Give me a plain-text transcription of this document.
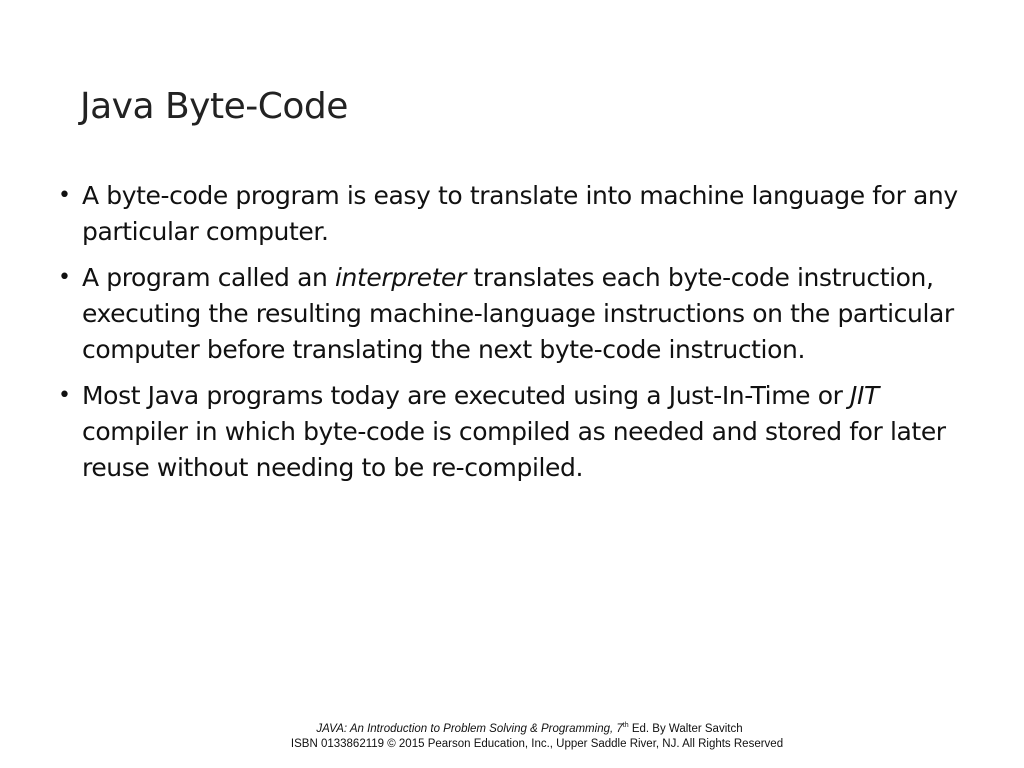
Java Byte-Code
• A byte-code program is easy to translate into machine language for any particular computer.
• A program called an interpreter translates each byte-code instruction, executing the resulting machine-language instructions on the particular computer before translating the next byte-code instruction.
• Most Java programs today are executed using a Just-In-Time or JIT compiler in which byte-code is compiled as needed and stored for later reuse without needing to be re-compiled.
JAVA: An Introduction to Problem Solving & Programming, 7th Ed. By Walter Savitch
ISBN 0133862119 © 2015 Pearson Education, Inc., Upper Saddle River, NJ. All Rights Reserved
